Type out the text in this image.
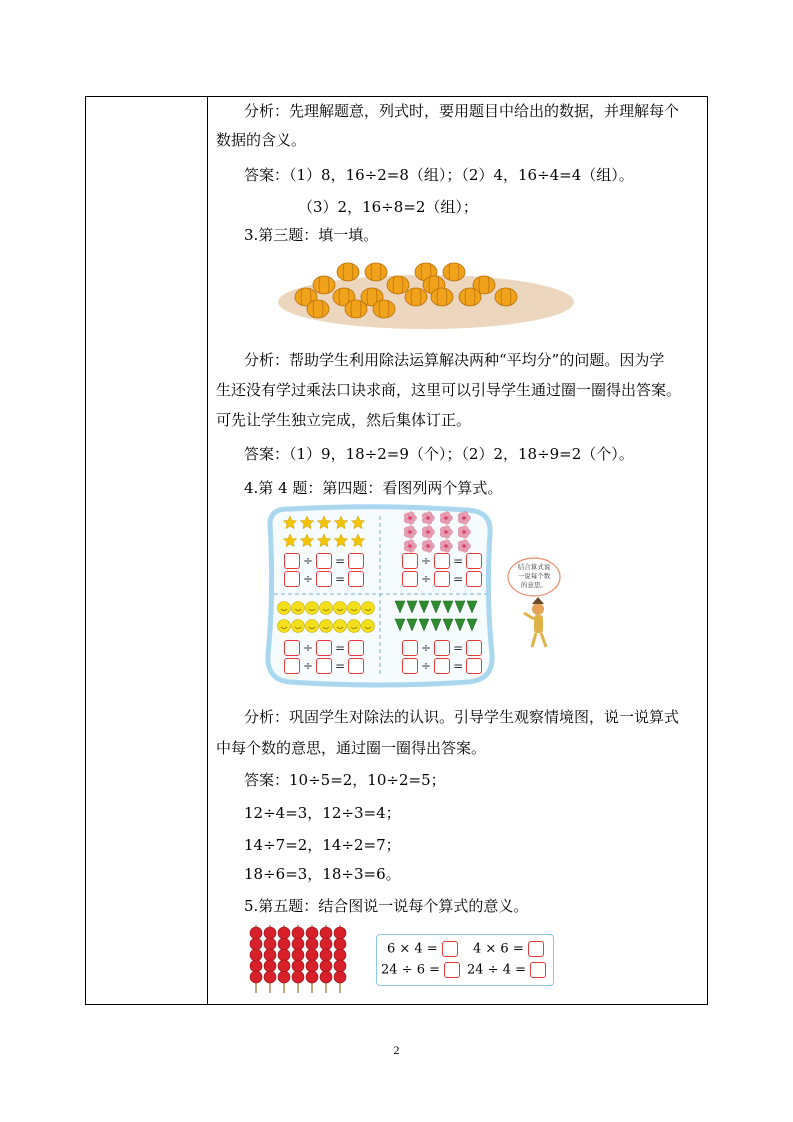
分析：先理解题意，列式时，要用题目中给出的数据，并理解每个
数据的含义。
答案：（1）8，16÷2=8（组）；（2）4，16÷4=4（组）。
（3）2，16÷8=2（组）；
3.第三题：填一填。
分析：帮助学生利用除法运算解决两种“平均分”的问题。因为学
生还没有学过乘法口诀求商，这里可以引导学生通过圈一圈得出答案。
可先让学生独立完成，然后集体订正。
答案：（1）9，18÷2=9（个）；（2）2，18÷9=2（个）。
4.第 4 题：第四题：看图列两个算式。
÷ =
÷ =
÷ =
÷ =
÷ =
÷ =
÷ =
÷ =
结合算式说
一说每个数
的意思。
分析：巩固学生对除法的认识。引导学生观察情境图，说一说算式
中每个数的意思，通过圈一圈得出答案。
答案：10÷5=2，10÷2=5；
12÷4=3，12÷3=4；
14÷7=2，14÷2=7；
18÷6=3，18÷3=6。
5.第五题：结合图说一说每个算式的意义。
6 × 4 =	4 × 6 =
24 ÷ 6 =	24 ÷ 4 =
2
